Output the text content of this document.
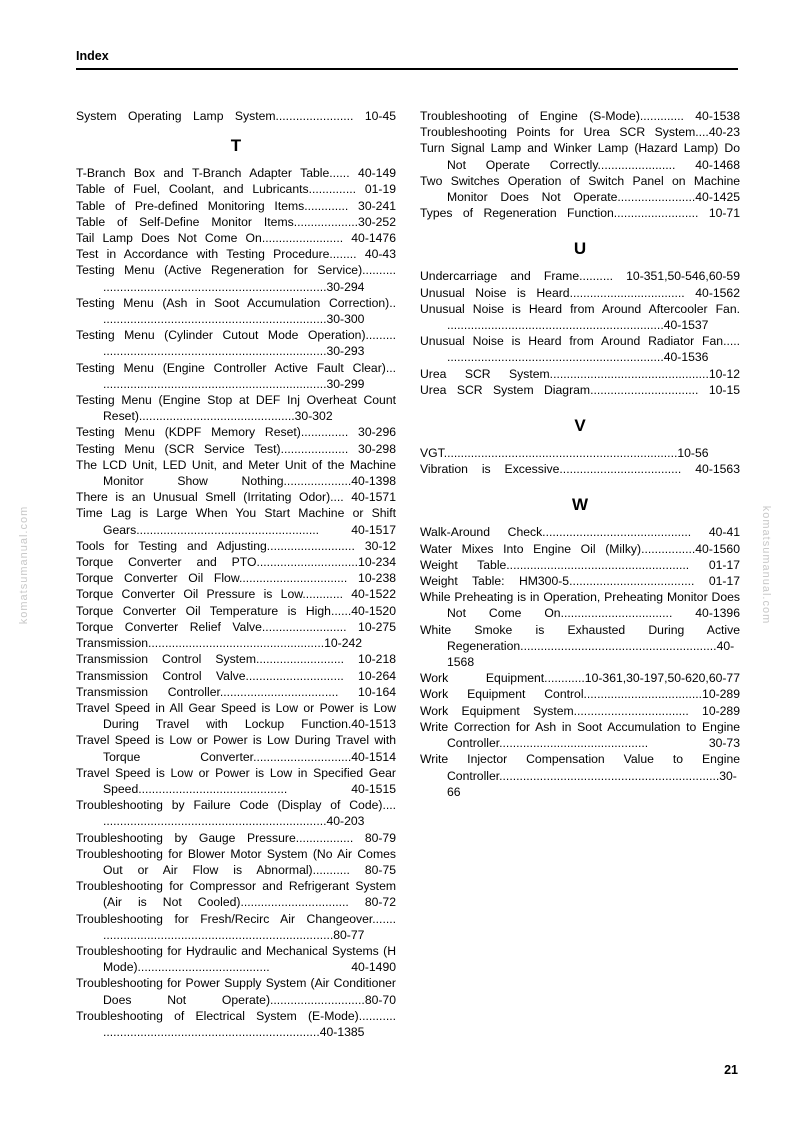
Index
komatsumanual.com	komatsumanual.com
System Operating Lamp System....................... 10-45
T
T-Branch Box and T-Branch Adapter Table...... 40-149
Table of Fuel, Coolant, and Lubricants.............. 01-19
Table of Pre-defined Monitoring Items............. 30-241
Table of Self-Define Monitor Items...................30-252
Tail Lamp Does Not Come On........................ 40-1476
Test in Accordance with Testing Procedure........ 40-43
Testing Menu (Active Regeneration for Service).......... ..................................................................30-294
Testing Menu (Ash in Soot Accumulation Correction).. ..................................................................30-300
Testing Menu (Cylinder Cutout Mode Operation)......... ..................................................................30-293
Testing Menu (Engine Controller Active Fault Clear)... ..................................................................30-299
Testing Menu (Engine Stop at DEF Inj Overheat Count Reset)..............................................30-302
Testing Menu (KDPF Memory Reset).............. 30-296
Testing Menu (SCR Service Test).................... 30-298
The LCD Unit, LED Unit, and Meter Unit of the Machine Monitor Show Nothing....................40-1398
There is an Unusual Smell (Irritating Odor).... 40-1571
Time Lag is Large When You Start Machine or Shift Gears...................................................... 40-1517
Tools for Testing and Adjusting.......................... 30-12
Torque Converter and PTO..............................10-234
Torque Converter Oil Flow................................ 10-238
Torque Converter Oil Pressure is Low............ 40-1522
Torque Converter Oil Temperature is High......40-1520
Torque Converter Relief Valve......................... 10-275
Transmission....................................................10-242
Transmission Control System.......................... 10-218
Transmission Control Valve............................. 10-264
Transmission Controller................................... 10-164
Travel Speed in All Gear Speed is Low or Power is Low During Travel with Lockup Function.40-1513
Travel Speed is Low or Power is Low During Travel with Torque Converter.............................40-1514
Travel Speed is Low or Power is Low in Specified Gear Speed............................................ 40-1515
Troubleshooting by Failure Code (Display of Code).... ..................................................................40-203
Troubleshooting by Gauge Pressure................. 80-79
Troubleshooting for Blower Motor System (No Air Comes Out or Air Flow is Abnormal)........... 80-75
Troubleshooting for Compressor and Refrigerant System (Air is Not Cooled)................................ 80-72
Troubleshooting for Fresh/Recirc Air Changeover....... ....................................................................80-77
Troubleshooting for Hydraulic and Mechanical Systems (H Mode)....................................... 40-1490
Troubleshooting for Power Supply System (Air Conditioner Does Not Operate)............................80-70
Troubleshooting of Electrical System (E-Mode)........... ................................................................40-1385
Troubleshooting of Engine (S-Mode)............. 40-1538
Troubleshooting Points for Urea SCR System....40-23
Turn Signal Lamp and Winker Lamp (Hazard Lamp) Do Not Operate Correctly....................... 40-1468
Two Switches Operation of Switch Panel on Machine Monitor Does Not Operate.......................40-1425
Types of Regeneration Function......................... 10-71
U
Undercarriage and Frame.......... 10-351,50-546,60-59
Unusual Noise is Heard.................................. 40-1562
Unusual Noise is Heard from Around Aftercooler Fan. ................................................................40-1537
Unusual Noise is Heard from Around Radiator Fan..... ................................................................40-1536
Urea SCR System...............................................10-12
Urea SCR System Diagram................................ 10-15
V
VGT.....................................................................10-56
Vibration is Excessive.................................... 40-1563
W
Walk-Around Check............................................ 40-41
Water Mixes Into Engine Oil (Milky)................40-1560
Weight Table...................................................... 01-17
Weight Table: HM300-5..................................... 01-17
While Preheating is in Operation, Preheating Monitor Does Not Come On................................. 40-1396
White Smoke is Exhausted During Active Regeneration..........................................................40-1568
Work Equipment............10-361,30-197,50-620,60-77
Work Equipment Control...................................10-289
Work Equipment System.................................. 10-289
Write Correction for Ash in Soot Accumulation to Engine Controller............................................ 30-73
Write Injector Compensation Value to Engine Controller.................................................................30-66
21
